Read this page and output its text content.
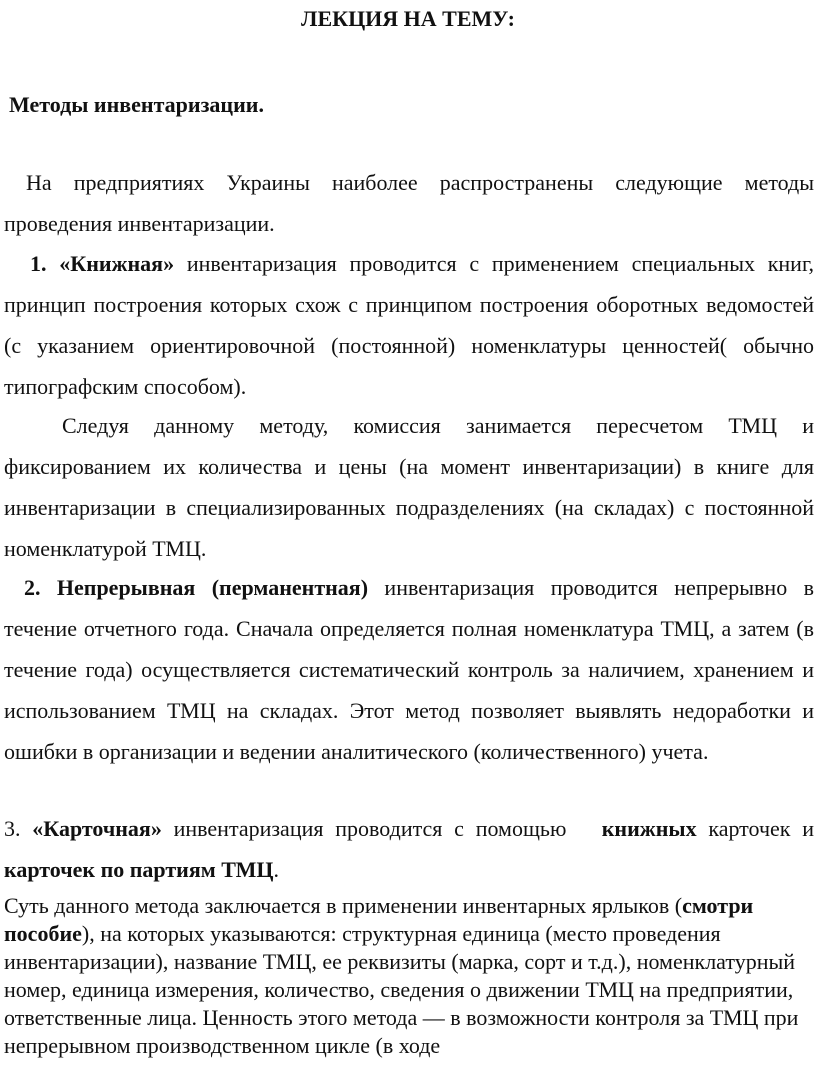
ЛЕКЦИЯ НА ТЕМУ:
Методы инвентаризации.
На предприятиях Украины наиболее распространены следующие методы проведения инвентаризации.
1. «Книжная» инвентаризация проводится с применением специальных книг, принцип построения которых схож с принципом построения оборотных ведомостей (с указанием ориентировочной (постоянной) номенклатуры ценностей( обычно типографским способом).
Следуя данному методу, комиссия занимается пересчетом ТМЦ и фиксированием их количества и цены (на момент инвентаризации) в книге для инвентаризации в специализированных подразделениях (на складах) с постоянной номенклатурой ТМЦ.
2. Непрерывная (перманентная) инвентаризация проводится непрерывно в течение отчетного года. Сначала определяется полная номенклатура ТМЦ, а затем (в течение года) осуществляется систематический контроль за наличием, хранением и использованием ТМЦ на складах. Этот метод позволяет выявлять недоработки и ошибки в организации и ведении аналитического (количественного) учета.
3. «Карточная» инвентаризация проводится с помощью   книжных карточек и карточек по партиям ТМЦ.
Суть данного метода заключается в применении инвентарных ярлыков (смотри пособие), на которых указываются: структурная единица (место проведения инвентаризации), название ТМЦ, ее реквизиты (марка, сорт и т.д.), номенклатурный номер, единица измерения, количество, сведения о движении ТМЦ на предприятии, ответственные лица. Ценность этого метода — в возможности контроля за ТМЦ при непрерывном производственном цикле (в ходе
